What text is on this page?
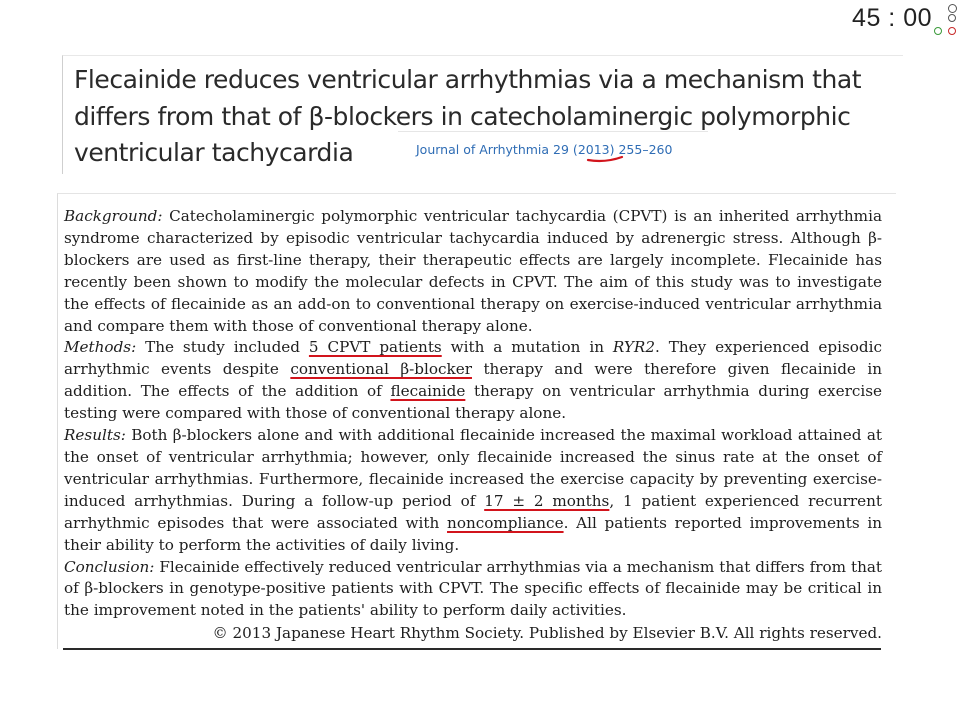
45 : 00
Flecainide reduces ventricular arrhythmias via a mechanism that differs from that of β-blockers in catecholaminergic polymorphic ventricular tachycardia	Journal of Arrhythmia 29 (2013) 255–260

Background: Catecholaminergic polymorphic ventricular tachycardia (CPVT) is an inherited arrhythmia syndrome characterized by episodic ventricular tachycardia induced by adrenergic stress. Although β-blockers are used as first-line therapy, their therapeutic effects are largely incomplete. Flecainide has recently been shown to modify the molecular defects in CPVT. The aim of this study was to investigate the effects of flecainide as an add-on to conventional therapy on exercise-induced ventricular arrhythmia and compare them with those of conventional therapy alone.

Methods: The study included 5 CPVT patients with a mutation in RYR2. They experienced episodic arrhythmic events despite conventional β-blocker therapy and were therefore given flecainide in addition. The effects of the addition of flecainide therapy on ventricular arrhythmia during exercise testing were compared with those of conventional therapy alone.

Results: Both β-blockers alone and with additional flecainide increased the maximal workload attained at the onset of ventricular arrhythmia; however, only flecainide increased the sinus rate at the onset of ventricular arrhythmias. Furthermore, flecainide increased the exercise capacity by preventing exercise-induced arrhythmias. During a follow-up period of 17 ± 2 months, 1 patient experienced recurrent arrhythmic episodes that were associated with noncompliance. All patients reported improvements in their ability to perform the activities of daily living.

Conclusion: Flecainide effectively reduced ventricular arrhythmias via a mechanism that differs from that of β-blockers in genotype-positive patients with CPVT. The specific effects of flecainide may be critical in the improvement noted in the patients' ability to perform daily activities.

© 2013 Japanese Heart Rhythm Society. Published by Elsevier B.V. All rights reserved.
